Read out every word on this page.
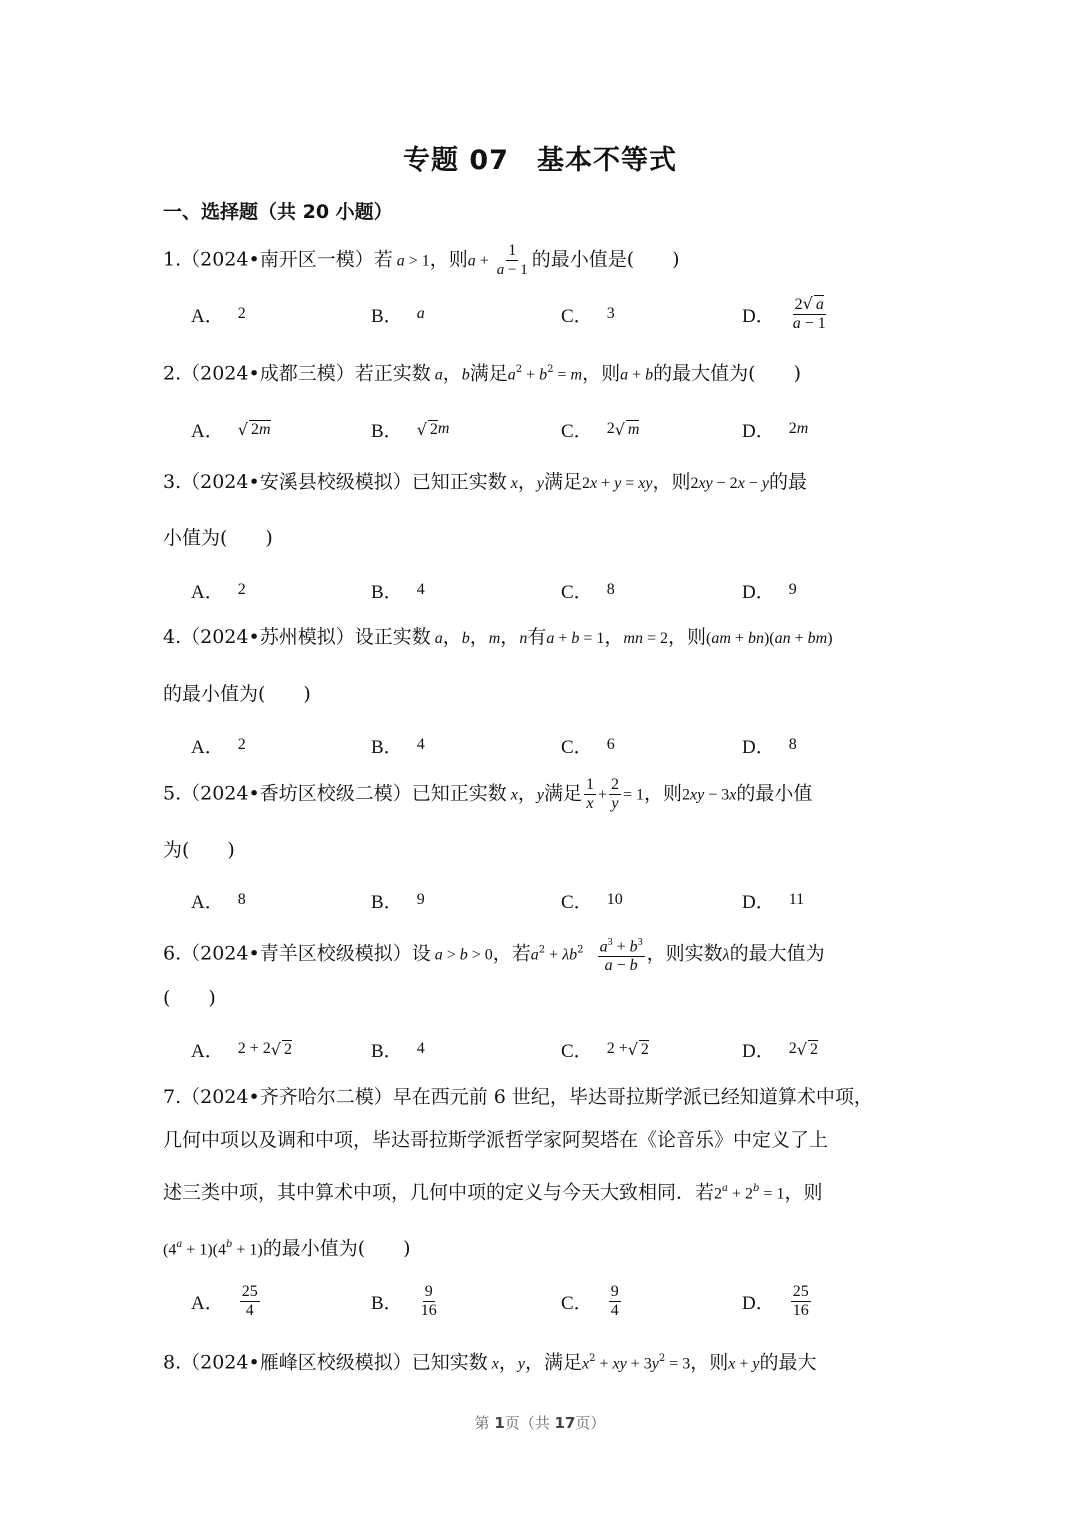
专题 07　基本不等式
一、选择题（共 20 小题）
1.（2024•南开区一模）若 a > 1，则$a + \frac{1}{a - 1}$ 的最小值是(　　)
A． 2	B． a	C． 3	D． $\frac{2√ a}{a - 1}$
2.（2024•成都三模）若正实数 a，b满足$a^2 + b^2 = m$，则a + b的最大值为(　　)
A． √ 2m	B． √ 2 m	C． 2 √ m	D． 2 m
3.（2024•安溪县校级模拟）已知正实数 x，y满足2x + y = xy，则2xy − 2x − y的最
小值为(　　)
A． 2	B． 4	C． 8	D． 9
4.（2024•苏州模拟）设正实数 a，b，m，n有a + b = 1，mn = 2，则(am + bn)(an + bm)
的最小值为(　　)
A． 2	B． 4	C． 6	D． 8
5.（2024•香坊区校级二模）已知正实数 x，y满足 $\frac{1}{x} + \frac{2}{y} = 1$，则2xy − 3x的最小值
为(　　)
A． 8	B． 9	C． 10	D． 11
6.（2024•青羊区校级模拟）设 a > b > 0，若$a^2 + \lambda b^2 \frac{a^3 + b^3}{a - b}$ ，则实数λ的最大值为
(　　)
A． 2 + 2 √ 2	B． 4	C． 2 + √ 2	D． 2 √ 2
7.（2024•齐齐哈尔二模）早在西元前 6 世纪，毕达哥拉斯学派已经知道算术中项，
几何中项以及调和中项，毕达哥拉斯学派哲学家阿契塔在《论音乐》中定义了上
述三类中项，其中算术中项，几何中项的定义与今天大致相同．若$2^a + 2^b = 1$，则
$(4^a + 1)(4^b + 1)$的最小值为(　　)
A． $\frac{25}{4}$	B． $\frac{9}{16}$	C． $\frac{9}{4}$	D． $\frac{25}{16}$
8.（2024•雁峰区校级模拟）已知实数 x，y，满足$x^2$ + xy + $3y^2 = 3$，则x + y的最大
第 1页（共 17页）
